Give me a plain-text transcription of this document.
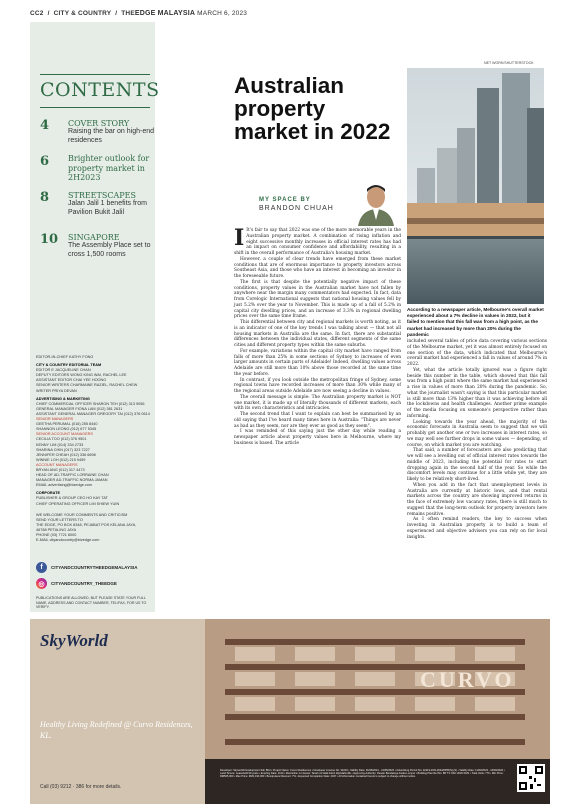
CC2  /  CITY & COUNTRY  /  THEEDGE MALAYSIA MARCH 6, 2023
CONTENTS
4 COVER STORY
Raising the bar on high-end residences
6 Brighter outlook for property market in 2H2023
8 STREETSCAPES
Jalan Jalil 1 benefits from Pavilion Bukit Jalil
10 SINGAPORE
The Assembly Place set to cross 1,500 rooms
EDITOR-IN-CHIEF KATHY FONG
CITY & COUNTRY EDITORIAL TEAM
EDITOR E JACQUELINE CHAN
DEPUTY EDITORS WONG KING WAI, RACHEL LEE
ASSISTANT EDITOR CHAI YEE HOONG
SENIOR WRITERS CHARMAINE RAZIEL, RACHEL CHEW
WRITER PRIYA DEVAN
ADVERTISING & MARKETING
CHIEF COMMERCIAL OFFICER SHARON TEH (012) 313 9056
GENERAL MANAGER FIONA LAM (012) 381 2631
ASSISTANT GENERAL MANAGER GREGORY TAI (012) 376 0614
SENIOR MANAGERS
GEETHA PERUMAL (016) 255 8440
SHANNON LEONG (012) 677 5345
SENIOR ACCOUNT MANAGERS
CECILIA TOO (012) 376 9501
KENNY LIM (014) 334 2733
SHARINA CHIN (017) 323 7227
JENNIFER CHEAH (012) 336 6698
WINNIE LOH (012) 215 9459
ACCOUNT MANAGERS
BRYAN ANG (012) 317 4473
HEAD OF AD-TRAFFIC LORRAINE CHAN
MANAGER AD-TRAFFIC NORMA JAMAN
EMAIL advertising@bizedge.com
CORPORATE
PUBLISHER & GROUP CEO HO KAY TAT
CHIEF OPERATING OFFICER LIM SHIEW YUIN
WE WELCOME YOUR COMMENTS AND CRITICISM
SEND YOUR LETTERS TO
THE EDGE, PO BOX 8348, PEJABAT POS KELANA JAYA,
46788 PETALING JAYA
PHONE (03) 7721 8000
E-MAIL cityandcountry@bizedge.com
f	CITYANDCOUNTRYTHEEDGEMALAYSIA
◎	CITYANDCOUNTRY_THEEDGE
PUBLICATIONS ARE ALLOWED, BUT PLEASE STATE YOUR FULL NAME, ADDRESS AND CONTACT NUMBER, TEL/FAX, FOR US TO VERIFY.
Australian property market in 2022
NET WORK/SHUTTERSTOCK
According to a newspaper article, Melbourne's overall market experienced about a 7% decline in values in 2022, but it failed to mention that this fall was from a high point, as the market had increased by more than 20% during the pandemic
MY SPACE BY
BRANDON CHUAH

I It's fair to say that 2022 was one of the more memorable years in the Australian property market. A combination of rising inflation and eight successive monthly increases in official interest rates has had an impact on consumer confidence and affordability, resulting in a shift in the overall performance of Australia's housing market.

However, a couple of clear trends have emerged from these market conditions that are of enormous importance to property investors across Southeast Asia, and those who have an interest in becoming an investor in the foreseeable future.

The first is that despite the potentially negative impact of these conditions, property values in the Australian market have not fallen by anywhere near the margin many commentators had expected. In fact, data from Corelogic International suggests that national housing values fell by just 5.2% over the year to November. This is made up of a fall of 5.2% in capital city dwelling prices, and an increase of 3.3% in regional dwelling prices over the same time frame.

This differential between city and regional markets is worth noting, as it is an indicator of one of the key trends I was talking about — that not all housing markets in Australia are the same. In fact, there are substantial differences between the individual states, different segments of the same cities and different property types within the same suburbs.

For example, variations within the capital city market have ranged from falls of more than 25% in some sections of Sydney to increases of even larger amounts in certain parts of Adelaide! Indeed, dwelling values across Adelaide are still more than 10% above those recorded at the same time the year before.

In contrast, if you look outside the metropolitan fringe of Sydney, some regional towns have recorded increases of more than 30% while many of the regional areas outside Adelaide are now seeing a decline in values.

The overall message is simple: The Australian property market is NOT one market, it is made up of literally thousands of different markets, each with its own characteristics and intricacies.

The second trend that I want to explain can best be summarised by an old saying that I've heard many times here in Australia: "Things are never as bad as they seem, nor are they ever as good as they seem".

I was reminded of this saying just the other day while reading a newspaper article about property values here in Melbourne, where my business is based. The article

included several tables of price data covering various sections of the Melbourne market, yet it was almost entirely focused on one section of the data, which indicated that Melbourne's overall market had experienced a fall in values of around 7% in 2022.

Yet, what the article totally ignored was a figure right beside this number in the table, which showed that this fall was from a high point where the same market had experienced a rise in values of more than 20% during the pandemic. So, what the journalist wasn't saying is that this particular market is still more than 13% higher than it was achieving before all the lockdowns and health challenges. Another prime example of the media focusing on someone's perspective rather than informing.

Looking towards the year ahead, the majority of the economic forecasts in Australia seem to suggest that we will probably get another one or two increases in interest rates, so we may well see further drops in some values — depending, of course, on which market you are watching.

That said, a number of forecasters are also predicting that we will see a levelling out of official interest rates towards the middle of 2023, including the potential for rates to start dropping again in the second half of the year. So while the discomfort levels may continue for a little while yet, they are likely to be relatively short-lived.

When you add in the fact that unemployment levels in Australia are currently at historic lows, and that rental markets across the country are showing improved returns in the face of extremely low vacancy rates, there is still much to suggest that the long-term outlook for property investors here remains positive.

As I often remind readers, the key to success when investing in Australian property is to build a team of experienced and objective advisers you can rely on for local insights.

CURVO
SkyWorld
Healthy Living Redefined @ Curvo Residences, KL.
Call (03) 9212 · 386 for more details.
Developer: Skyworld Development Sdn Bhd • Project Name: Curvo Residences • Developer License No: 32219 • Validity Date: 01/06/2021 - 31/05/2023 • Advertising Permit No: 32219-3/03-2024/0055(N)-(S) • Validity Date: 11/03/2023 - 10/03/2024 • Land Tenure: Leasehold 99 years • Expiring Date: 2119 • Restriction in Interest: Tanah ini tidak boleh dipindahmilik • Approving Authority: Dewan Bandaraya Kuala Lumpur • Building Plan Ref No: BP T2 OSC 2022 0181 • Total Units: 776 • Min Price: RM505,000 • Max Price: RM1,190,000 • Bumiputera Discount: 7% • Expected Completion Date: 2027 • All information contained herein is subject to change without notice.
